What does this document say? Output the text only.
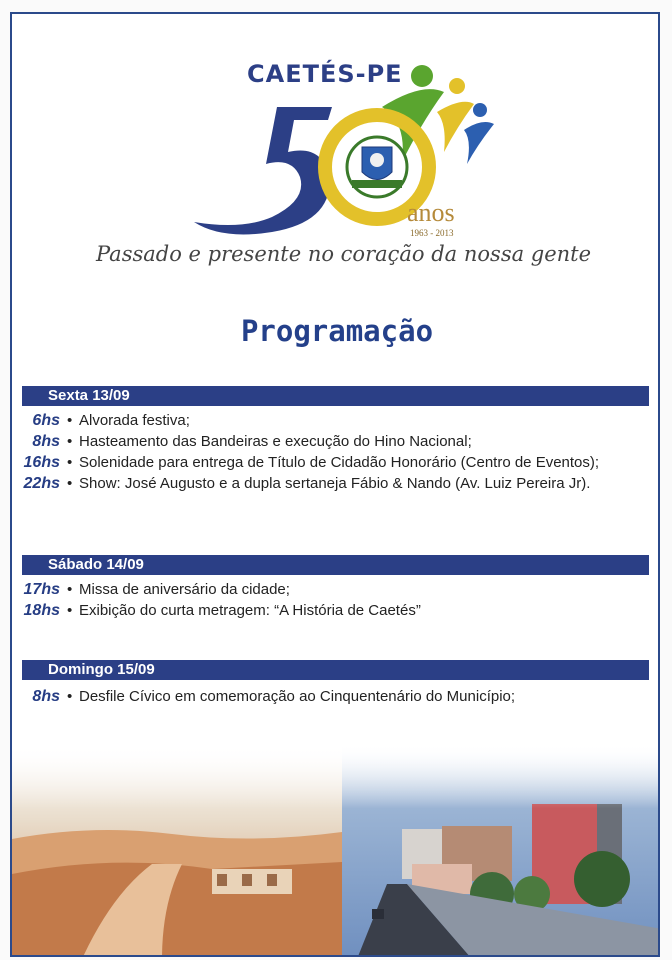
CAETÉS-PE

anos
1963 - 2013

Passado e presente no coração da nossa gente

Programação
Sexta 13/09
6hs • Alvorada festiva;
8hs • Hasteamento das Bandeiras e execução do Hino Nacional;
16hs • Solenidade para entrega de Título de Cidadão Honorário (Centro de Eventos);
22hs • Show: José Augusto e a dupla sertaneja Fábio & Nando (Av. Luiz Pereira Jr).
Sábado 14/09
17hs • Missa de aniversário da cidade;
18hs • Exibição do curta metragem: “A História de Caetés”
Domingo 15/09
8hs • Desfile Cívico em comemoração ao Cinquentenário do Município;
